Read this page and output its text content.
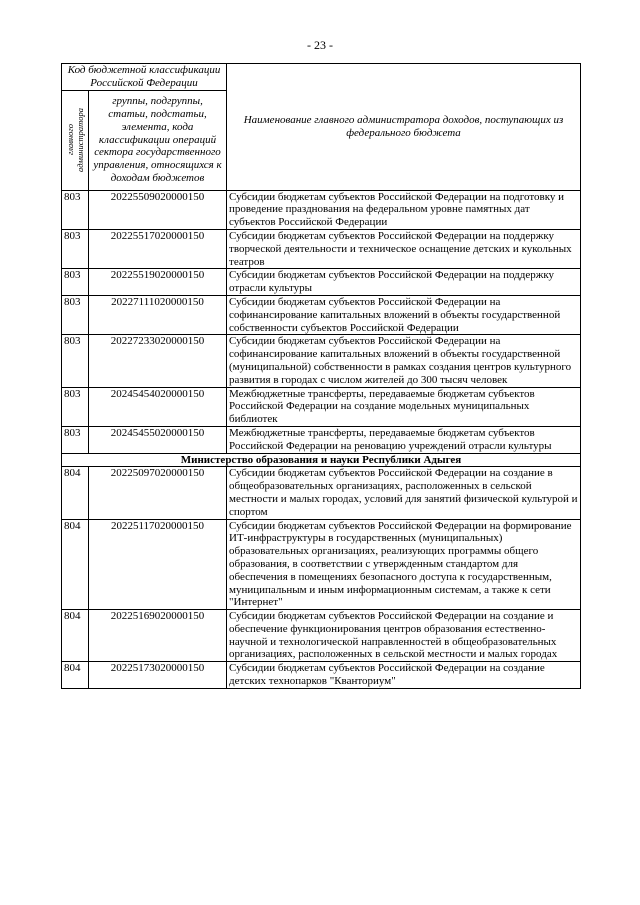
- 23 -
Код бюджетной классификации Российской Федерации		Наименование главного администратора доходов, поступающих из федерального бюджета

главного администратора	группы, подгруппы, статьи, подстатьи, элемента, кода классификации операций сектора государственного управления, относящихся к доходам бюджетов	
803	20225509020000150	Субсидии бюджетам субъектов Российской Федерации на подготовку и проведение празднования на федеральном уровне памятных дат субъектов Российской Федерации
803	20225517020000150	Субсидии бюджетам субъектов Российской Федерации на поддержку творческой деятельности и техническое оснащение детских и кукольных театров
803	20225519020000150	Субсидии бюджетам субъектов Российской Федерации на поддержку отрасли культуры
803	20227111020000150	Субсидии бюджетам субъектов Российской Федерации на софинансирование капитальных вложений в объекты государственной собственности субъектов Российской Федерации
803	20227233020000150	Субсидии бюджетам субъектов Российской Федерации на софинансирование капитальных вложений в объекты государственной (муниципальной) собственности в рамках создания центров культурного развития в городах с числом жителей до 300 тысяч человек
803	20245454020000150	Межбюджетные трансферты, передаваемые бюджетам субъектов Российской Федерации на создание модельных муниципальных библиотек
803	20245455020000150	Межбюджетные трансферты, передаваемые бюджетам субъектов Российской Федерации на реновацию учреждений отрасли культуры
Министерство образования и науки Республики Адыгея		
804	20225097020000150	Субсидии бюджетам субъектов Российской Федерации на создание в общеобразовательных организациях, расположенных в сельской местности и малых городах, условий для занятий физической культурой и спортом
804	20225117020000150	Субсидии бюджетам субъектов Российской Федерации на формирование ИТ-инфраструктуры в государственных (муниципальных) образовательных организациях, реализующих программы общего образования, в соответствии с утвержденным стандартом для обеспечения в помещениях безопасного доступа к государственным, муниципальным и иным информационным системам, а также к сети "Интернет"
804	20225169020000150	Субсидии бюджетам субъектов Российской Федерации на создание и обеспечение функционирования центров образования естественно-научной и технологической направленностей в общеобразовательных организациях, расположенных в сельской местности и малых городах
804	20225173020000150	Субсидии бюджетам субъектов Российской Федерации на создание детских технопарков "Кванториум"
